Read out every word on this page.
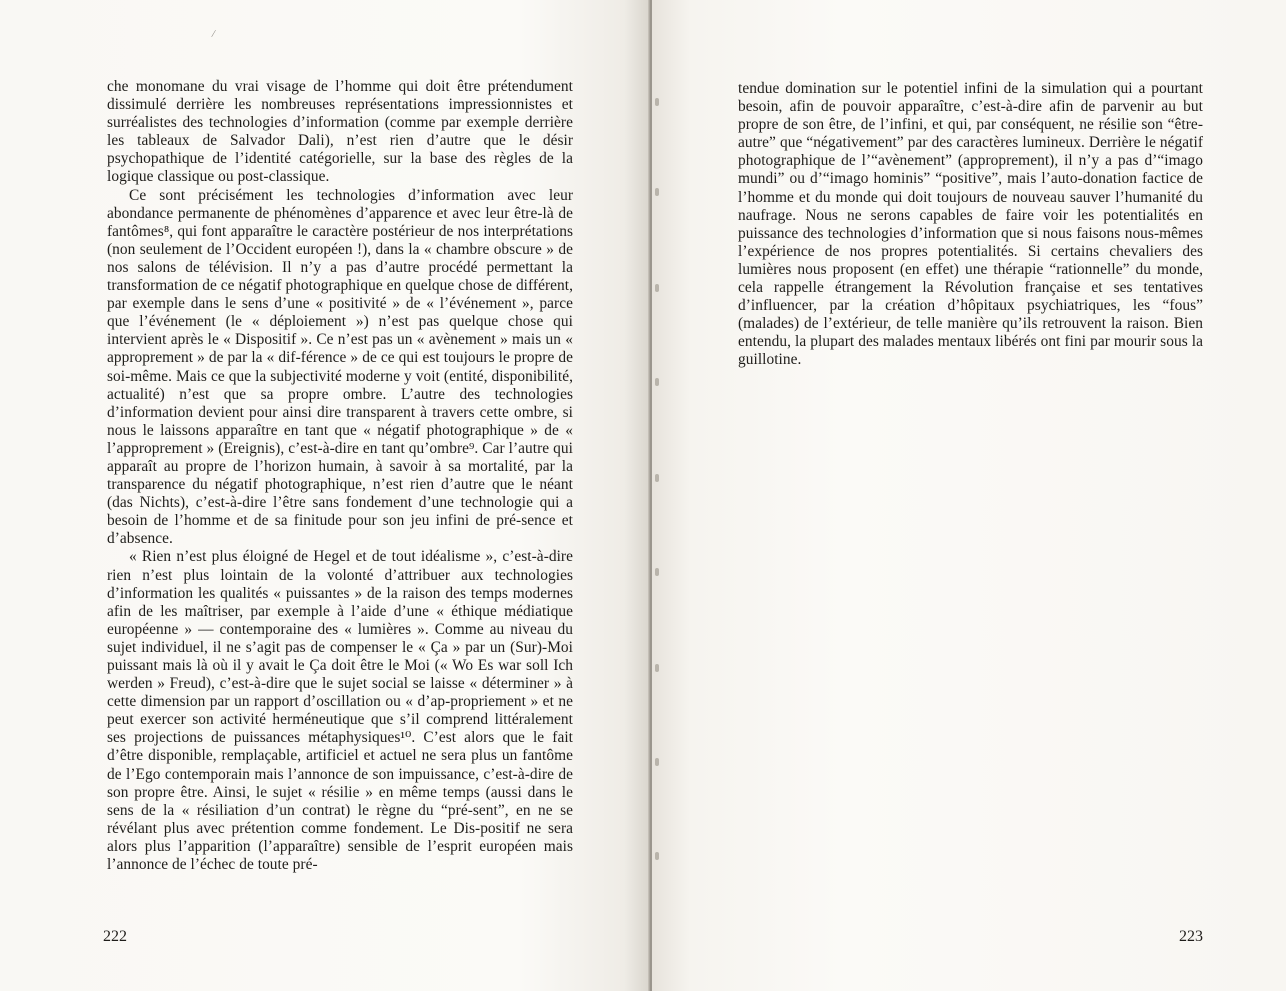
/

che monomane du vrai visage de l’homme qui doit être prétendument dissimulé derrière les nombreuses représentations impressionnistes et surréalistes des technologies d’information (comme par exemple derrière les tableaux de Salvador Dali), n’est rien d’autre que le désir psychopathique de l’identité catégorielle, sur la base des règles de la logique classique ou post-classique.

Ce sont précisément les technologies d’information avec leur abondance permanente de phénomènes d’apparence et avec leur être-là de fantômes⁸, qui font apparaître le caractère postérieur de nos interprétations (non seulement de l’Occident européen !), dans la « chambre obscure » de nos salons de télévision. Il n’y a pas d’autre procédé permettant la transformation de ce négatif photographique en quelque chose de différent, par exemple dans le sens d’une « positivité » de « l’événement », parce que l’événement (le « déploiement ») n’est pas quelque chose qui intervient après le « Dispositif ». Ce n’est pas un « avènement » mais un « approprement » de par la « dif-férence » de ce qui est toujours le propre de soi-même. Mais ce que la subjectivité moderne y voit (entité, disponibilité, actualité) n’est que sa propre ombre. L’autre des technologies d’information devient pour ainsi dire transparent à travers cette ombre, si nous le laissons apparaître en tant que « négatif photographique » de « l’approprement » (Ereignis), c’est-à-dire en tant qu’ombre⁹. Car l’autre qui apparaît au propre de l’horizon humain, à savoir à sa mortalité, par la transparence du négatif photographique, n’est rien d’autre que le néant (das Nichts), c’est-à-dire l’être sans fondement d’une technologie qui a besoin de l’homme et de sa finitude pour son jeu infini de pré-sence et d’absence.

« Rien n’est plus éloigné de Hegel et de tout idéalisme », c’est-à-dire rien n’est plus lointain de la volonté d’attribuer aux technologies d’information les qualités « puissantes » de la raison des temps modernes afin de les maîtriser, par exemple à l’aide d’une « éthique médiatique européenne » — contemporaine des « lumières ». Comme au niveau du sujet individuel, il ne s’agit pas de compenser le « Ça » par un (Sur)-Moi puissant mais là où il y avait le Ça doit être le Moi (« Wo Es war soll Ich werden » Freud), c’est-à-dire que le sujet social se laisse « déterminer » à cette dimension par un rapport d’oscillation ou « d’ap-propriement » et ne peut exercer son activité herméneutique que s’il comprend littéralement ses projections de puissances métaphysiques¹⁰. C’est alors que le fait d’être disponible, remplaçable, artificiel et actuel ne sera plus un fantôme de l’Ego contemporain mais l’annonce de son impuissance, c’est-à-dire de son propre être. Ainsi, le sujet « résilie » en même temps (aussi dans le sens de la « résiliation d’un contrat) le règne du “pré-sent”, en ne se révélant plus avec prétention comme fondement. Le Dis-positif ne sera alors plus l’apparition (l’apparaître) sensible de l’esprit européen mais l’annonce de l’échec de toute pré-

222

tendue domination sur le potentiel infini de la simulation qui a pourtant besoin, afin de pouvoir apparaître, c’est-à-dire afin de parvenir au but propre de son être, de l’infini, et qui, par conséquent, ne résilie son “être-autre” que “négativement” par des caractères lumineux. Derrière le négatif photographique de l’“avènement” (approprement), il n’y a pas d’“imago mundi” ou d’“imago hominis” “positive”, mais l’auto-donation factice de l’homme et du monde qui doit toujours de nouveau sauver l’humanité du naufrage. Nous ne serons capables de faire voir les potentialités en puissance des technologies d’information que si nous faisons nous-mêmes l’expérience de nos propres potentialités. Si certains chevaliers des lumières nous proposent (en effet) une thérapie “rationnelle” du monde, cela rappelle étrangement la Révolution française et ses tentatives d’influencer, par la création d’hôpitaux psychiatriques, les “fous” (malades) de l’extérieur, de telle manière qu’ils retrouvent la raison. Bien entendu, la plupart des malades mentaux libérés ont fini par mourir sous la guillotine.

223
